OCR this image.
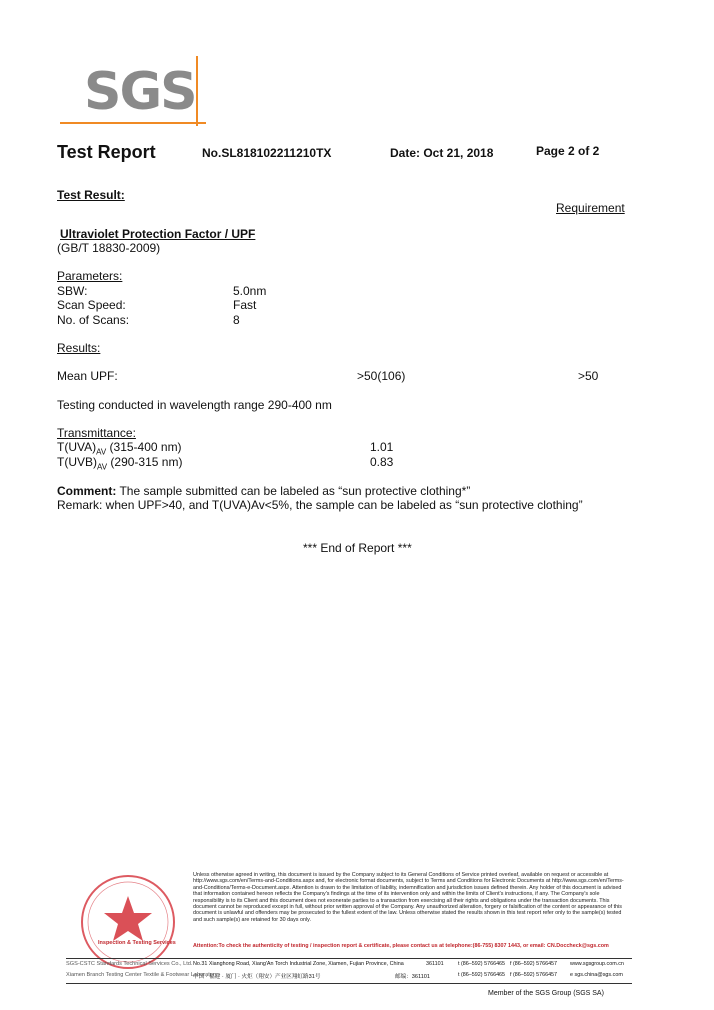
SGS
Test Report	No.SL818102211210TX	Date: Oct 21, 2018	Page 2 of 2
Test Result:
Requirement
Ultraviolet Protection Factor / UPF
(GB/T 18830-2009)
Parameters:
SBW:	5.0nm
Scan Speed:	Fast
No. of Scans:	8
Results:
Mean UPF:	>50(106)	>50
Testing conducted in wavelength range 290-400 nm
Transmittance:
$T(UVA)_{AV}$ (315-400 nm)	1.01
$T(UVB)_{AV}$ (290-315 nm)	0.83
Comment: The sample submitted can be labeled as “sun protective clothing*”
Remark: when UPF>40, and T(UVA)Av<5%, the sample can be labeled as “sun protective clothing”
*** End of Report ***
Inspection & Testing Services
Unless otherwise agreed in writing, this document is issued by the Company subject to its General Conditions of Service printed overleaf, available on request or accessible at http://www.sgs.com/en/Terms-and-Conditions.aspx and, for electronic format documents, subject to Terms and Conditions for Electronic Documents at http://www.sgs.com/en/Terms-and-Conditions/Terms-e-Document.aspx. Attention is drawn to the limitation of liability, indemnification and jurisdiction issues defined therein. Any holder of this document is advised that information contained hereon reflects the Company's findings at the time of its intervention only and within the limits of Client's instructions, if any. The Company's sole responsibility is to its Client and this document does not exonerate parties to a transaction from exercising all their rights and obligations under the transaction documents. This document cannot be reproduced except in full, without prior written approval of the Company. Any unauthorized alteration, forgery or falsification of the content or appearance of this document is unlawful and offenders may be prosecuted to the fullest extent of the law. Unless otherwise stated the results shown in this test report refer only to the sample(s) tested and such sample(s) are retained for 30 days only.
Attention:To check the authenticity of testing / inspection report & certificate, please contact us at telephone:(86-755) 8307 1443, or email: CN.Doccheck@sgs.com
SGS-CSTC Standards Technical Services Co., Ltd.
Xiamen Branch Testing Center Textile & Footwear Laboratory
No.31 Xianghong Road, Xiang'An Torch Industrial Zone, Xiamen, Fujian Province, China	361101	t (86–592) 5766465 f (86–592) 5766457 www.sgsgroup.com.cn
中国 · 福建 · 厦门 · 火炬（翔安）产业区翔虹路31号	邮编：361101	t (86–592) 5766465 f (86–592) 5766457 e sgs.china@sgs.com
Member of the SGS Group (SGS SA)
